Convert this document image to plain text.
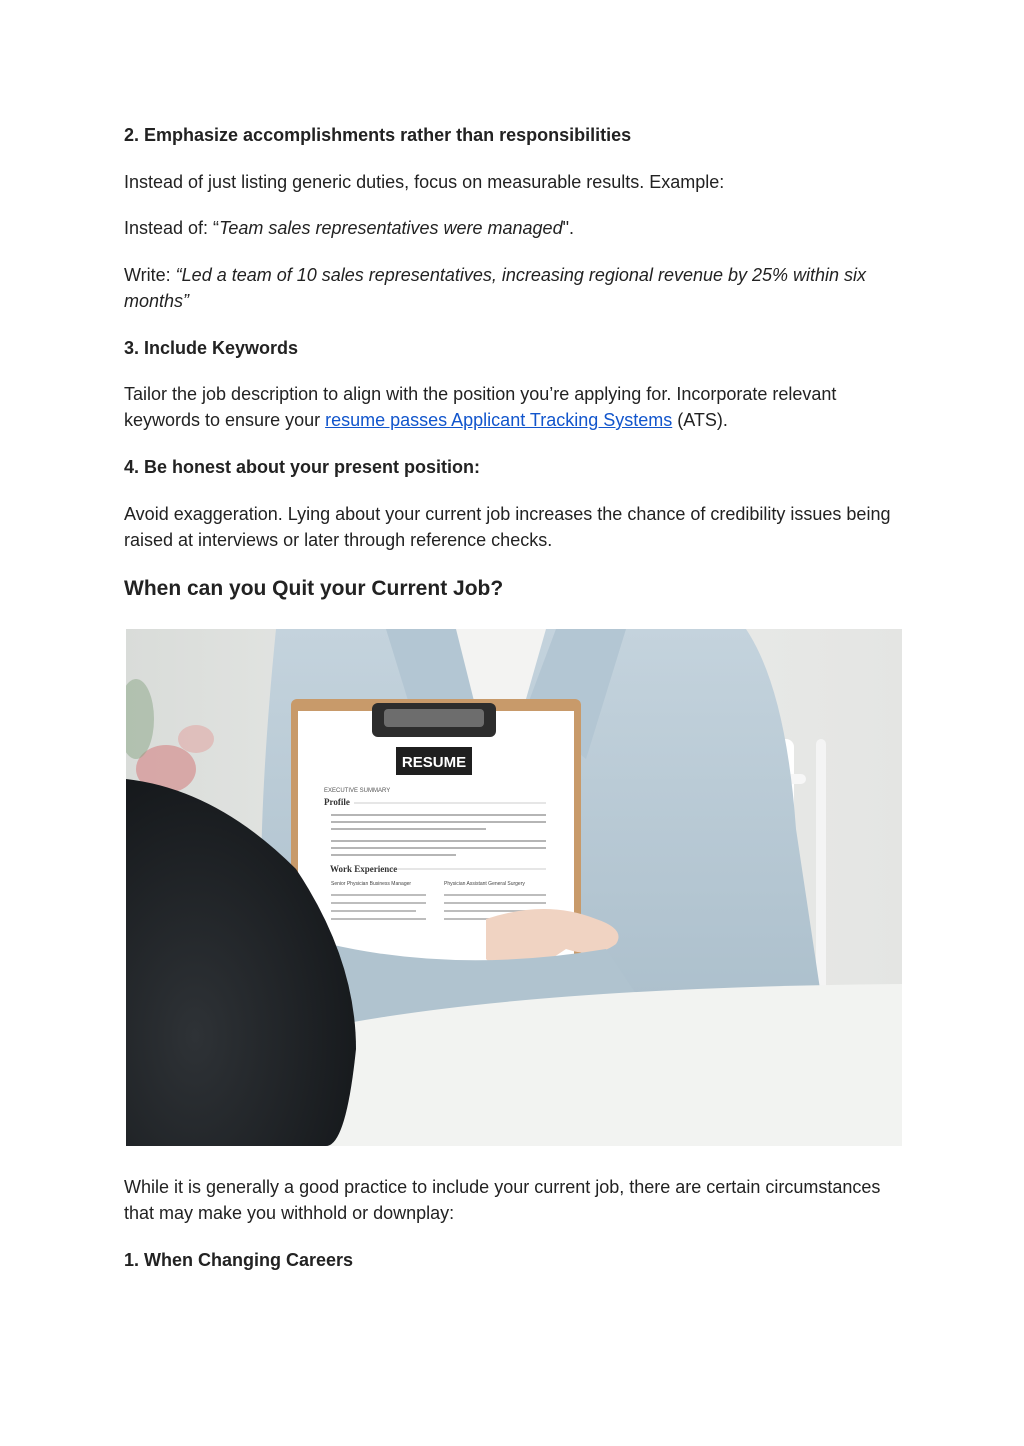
2. Emphasize accomplishments rather than responsibilities

Instead of just listing generic duties, focus on measurable results. Example:

Instead of: “Team sales representatives were managed".

Write: “Led a team of 10 sales representatives, increasing regional revenue by 25% within six months”

3. Include Keywords

Tailor the job description to align with the position you’re applying for. Incorporate relevant keywords to ensure your resume passes Applicant Tracking Systems (ATS).

4. Be honest about your present position:

Avoid exaggeration. Lying about your current job increases the chance of credibility issues being raised at interviews or later through reference checks.

When can you Quit your Current Job?
RESUME
EXECUTIVE SUMMARY
Profile
Work Experience
Senior Physician Business Manager	Physician Assistant General Surgery

While it is generally a good practice to include your current job, there are certain circumstances that may make you withhold or downplay:

1. When Changing Careers
